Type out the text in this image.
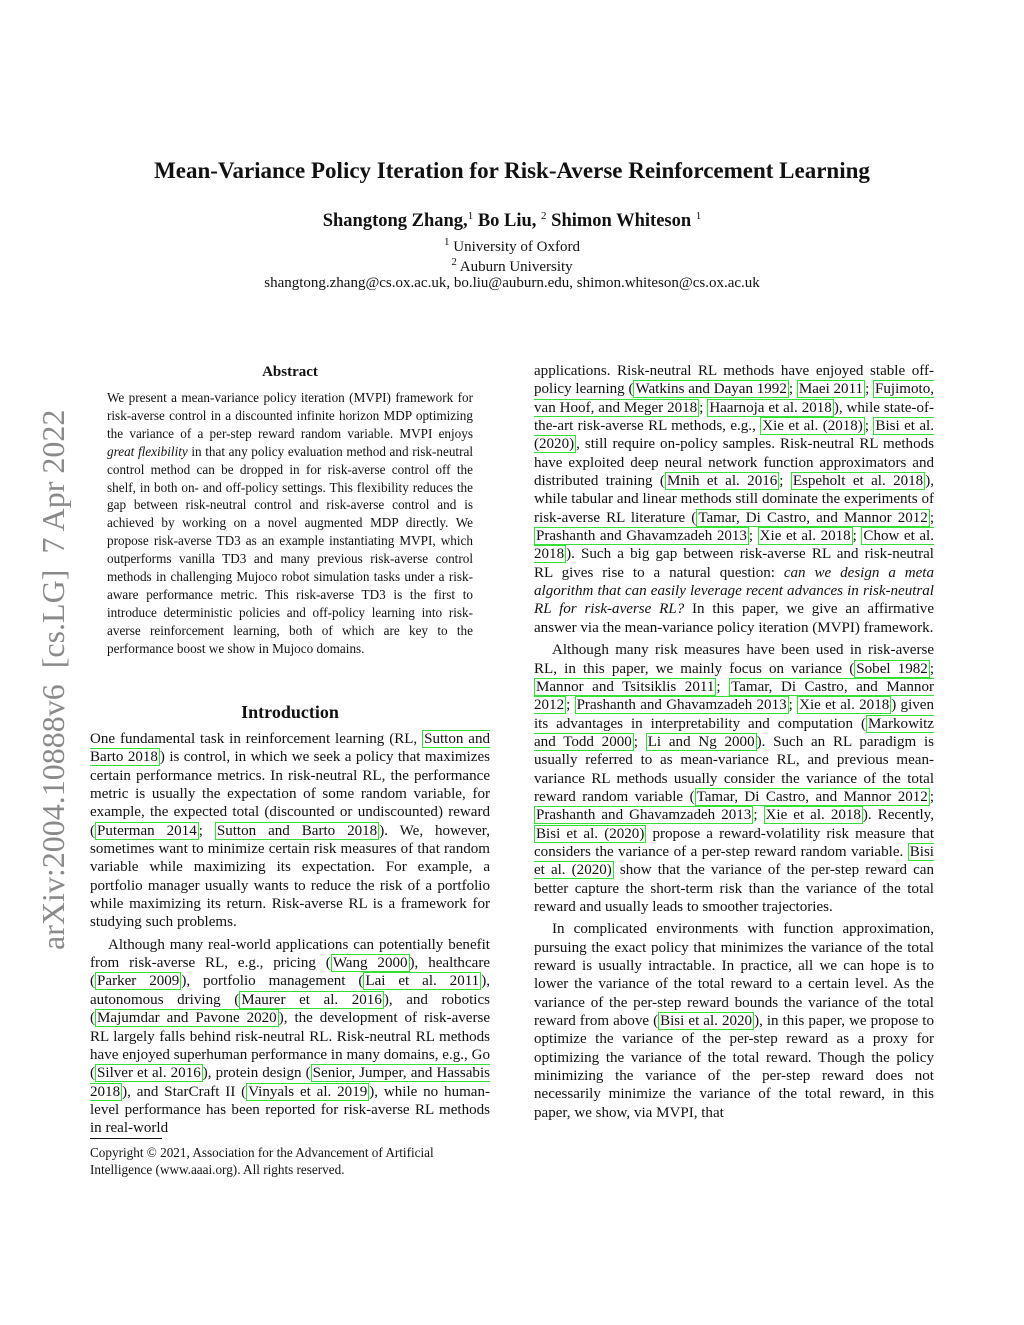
Mean-Variance Policy Iteration for Risk-Averse Reinforcement Learning
Shangtong Zhang,$^1$ Bo Liu, $^2$ Shimon Whiteson $^1$
$^1$ University of Oxford
$^2$ Auburn University
shangtong.zhang@cs.ox.ac.uk, bo.liu@auburn.edu, shimon.whiteson@cs.ox.ac.uk
arXiv:2004.10888v6  [cs.LG]  7 Apr 2022
Abstract

We present a mean-variance policy iteration (MVPI) framework for risk-averse control in a discounted infinite horizon MDP optimizing the variance of a per-step reward random variable. MVPI enjoys great flexibility in that any policy evaluation method and risk-neutral control method can be dropped in for risk-averse control off the shelf, in both on- and off-policy settings. This flexibility reduces the gap between risk-neutral control and risk-averse control and is achieved by working on a novel augmented MDP directly. We propose risk-averse TD3 as an example instantiating MVPI, which outperforms vanilla TD3 and many previous risk-averse control methods in challenging Mujoco robot simulation tasks under a risk-aware performance metric. This risk-averse TD3 is the first to introduce deterministic policies and off-policy learning into risk-averse reinforcement learning, both of which are key to the performance boost we show in Mujoco domains.

Introduction

One fundamental task in reinforcement learning (RL, Sutton and Barto 2018 ) is control, in which we seek a policy that maximizes certain performance metrics. In risk-neutral RL, the performance metric is usually the expectation of some random variable, for example, the expected total (discounted or undiscounted) reward ( Puterman 2014 ; Sutton and Barto 2018 ). We, however, sometimes want to minimize certain risk measures of that random variable while maximizing its expectation. For example, a portfolio manager usually wants to reduce the risk of a portfolio while maximizing its return. Risk-averse RL is a framework for studying such problems.

Although many real-world applications can potentially benefit from risk-averse RL, e.g., pricing ( Wang 2000 ), healthcare ( Parker 2009 ), portfolio management ( Lai et al. 2011 ), autonomous driving ( Maurer et al. 2016 ), and robotics ( Majumdar and Pavone 2020 ), the development of risk-averse RL largely falls behind risk-neutral RL. Risk-neutral RL methods have enjoyed superhuman performance in many domains, e.g., Go ( Silver et al. 2016 ), protein design ( Senior, Jumper, and Hassabis 2018 ), and StarCraft II ( Vinyals et al. 2019 ), while no human-level performance has been reported for risk-averse RL methods in real-world

Copyright © 2021, Association for the Advancement of Artificial Intelligence (www.aaai.org). All rights reserved.

applications. Risk-neutral RL methods have enjoyed stable off-policy learning ( Watkins and Dayan 1992 ; Maei 2011 ; Fujimoto, van Hoof, and Meger 2018 ; Haarnoja et al. 2018 ), while state-of-the-art risk-averse RL methods, e.g., Xie et al. (2018) ; Bisi et al. (2020) , still require on-policy samples. Risk-neutral RL methods have exploited deep neural network function approximators and distributed training ( Mnih et al. 2016 ; Espeholt et al. 2018 ), while tabular and linear methods still dominate the experiments of risk-averse RL literature ( Tamar, Di Castro, and Mannor 2012 ; Prashanth and Ghavamzadeh 2013 ; Xie et al. 2018 ; Chow et al. 2018 ). Such a big gap between risk-averse RL and risk-neutral RL gives rise to a natural question: can we design a meta algorithm that can easily leverage recent advances in risk-neutral RL for risk-averse RL? In this paper, we give an affirmative answer via the mean-variance policy iteration (MVPI) framework.

Although many risk measures have been used in risk-averse RL, in this paper, we mainly focus on variance ( Sobel 1982 ; Mannor and Tsitsiklis 2011 ; Tamar, Di Castro, and Mannor 2012 ; Prashanth and Ghavamzadeh 2013 ; Xie et al. 2018 ) given its advantages in interpretability and computation ( Markowitz and Todd 2000 ; Li and Ng 2000 ). Such an RL paradigm is usually referred to as mean-variance RL, and previous mean-variance RL methods usually consider the variance of the total reward random variable ( Tamar, Di Castro, and Mannor 2012 ; Prashanth and Ghavamzadeh 2013 ; Xie et al. 2018 ). Recently, Bisi et al. (2020) propose a reward-volatility risk measure that considers the variance of a per-step reward random variable. Bisi et al. (2020) show that the variance of the per-step reward can better capture the short-term risk than the variance of the total reward and usually leads to smoother trajectories.

In complicated environments with function approximation, pursuing the exact policy that minimizes the variance of the total reward is usually intractable. In practice, all we can hope is to lower the variance of the total reward to a certain level. As the variance of the per-step reward bounds the variance of the total reward from above ( Bisi et al. 2020 ), in this paper, we propose to optimize the variance of the per-step reward as a proxy for optimizing the variance of the total reward. Though the policy minimizing the variance of the per-step reward does not necessarily minimize the variance of the total reward, in this paper, we show, via MVPI, that
